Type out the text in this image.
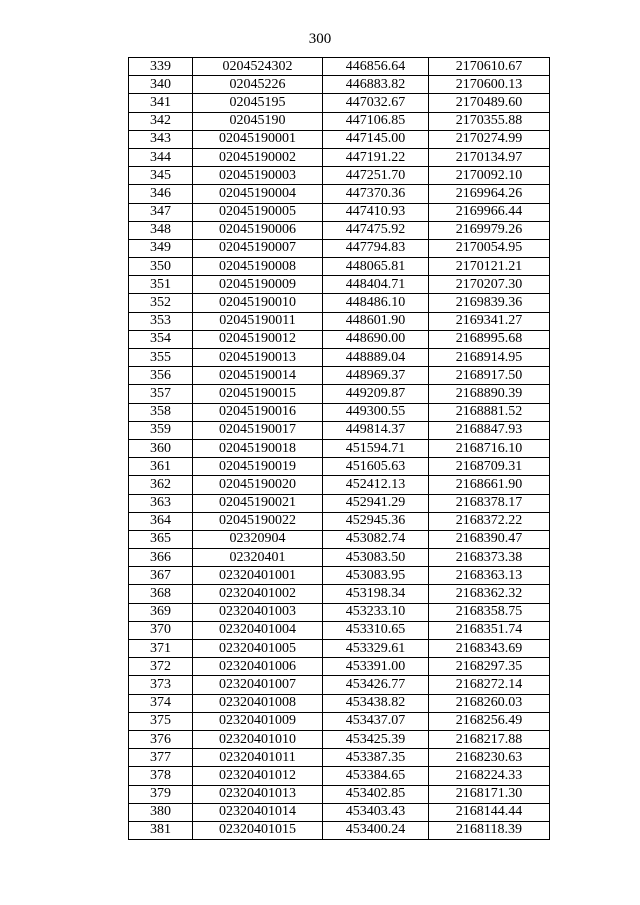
300
339	0204524302	446856.64	2170610.67
340	02045226	446883.82	2170600.13
341	02045195	447032.67	2170489.60
342	02045190	447106.85	2170355.88
343	02045190001	447145.00	2170274.99
344	02045190002	447191.22	2170134.97
345	02045190003	447251.70	2170092.10
346	02045190004	447370.36	2169964.26
347	02045190005	447410.93	2169966.44
348	02045190006	447475.92	2169979.26
349	02045190007	447794.83	2170054.95
350	02045190008	448065.81	2170121.21
351	02045190009	448404.71	2170207.30
352	02045190010	448486.10	2169839.36
353	02045190011	448601.90	2169341.27
354	02045190012	448690.00	2168995.68
355	02045190013	448889.04	2168914.95
356	02045190014	448969.37	2168917.50
357	02045190015	449209.87	2168890.39
358	02045190016	449300.55	2168881.52
359	02045190017	449814.37	2168847.93
360	02045190018	451594.71	2168716.10
361	02045190019	451605.63	2168709.31
362	02045190020	452412.13	2168661.90
363	02045190021	452941.29	2168378.17
364	02045190022	452945.36	2168372.22
365	02320904	453082.74	2168390.47
366	02320401	453083.50	2168373.38
367	02320401001	453083.95	2168363.13
368	02320401002	453198.34	2168362.32
369	02320401003	453233.10	2168358.75
370	02320401004	453310.65	2168351.74
371	02320401005	453329.61	2168343.69
372	02320401006	453391.00	2168297.35
373	02320401007	453426.77	2168272.14
374	02320401008	453438.82	2168260.03
375	02320401009	453437.07	2168256.49
376	02320401010	453425.39	2168217.88
377	02320401011	453387.35	2168230.63
378	02320401012	453384.65	2168224.33
379	02320401013	453402.85	2168171.30
380	02320401014	453403.43	2168144.44
381	02320401015	453400.24	2168118.39
